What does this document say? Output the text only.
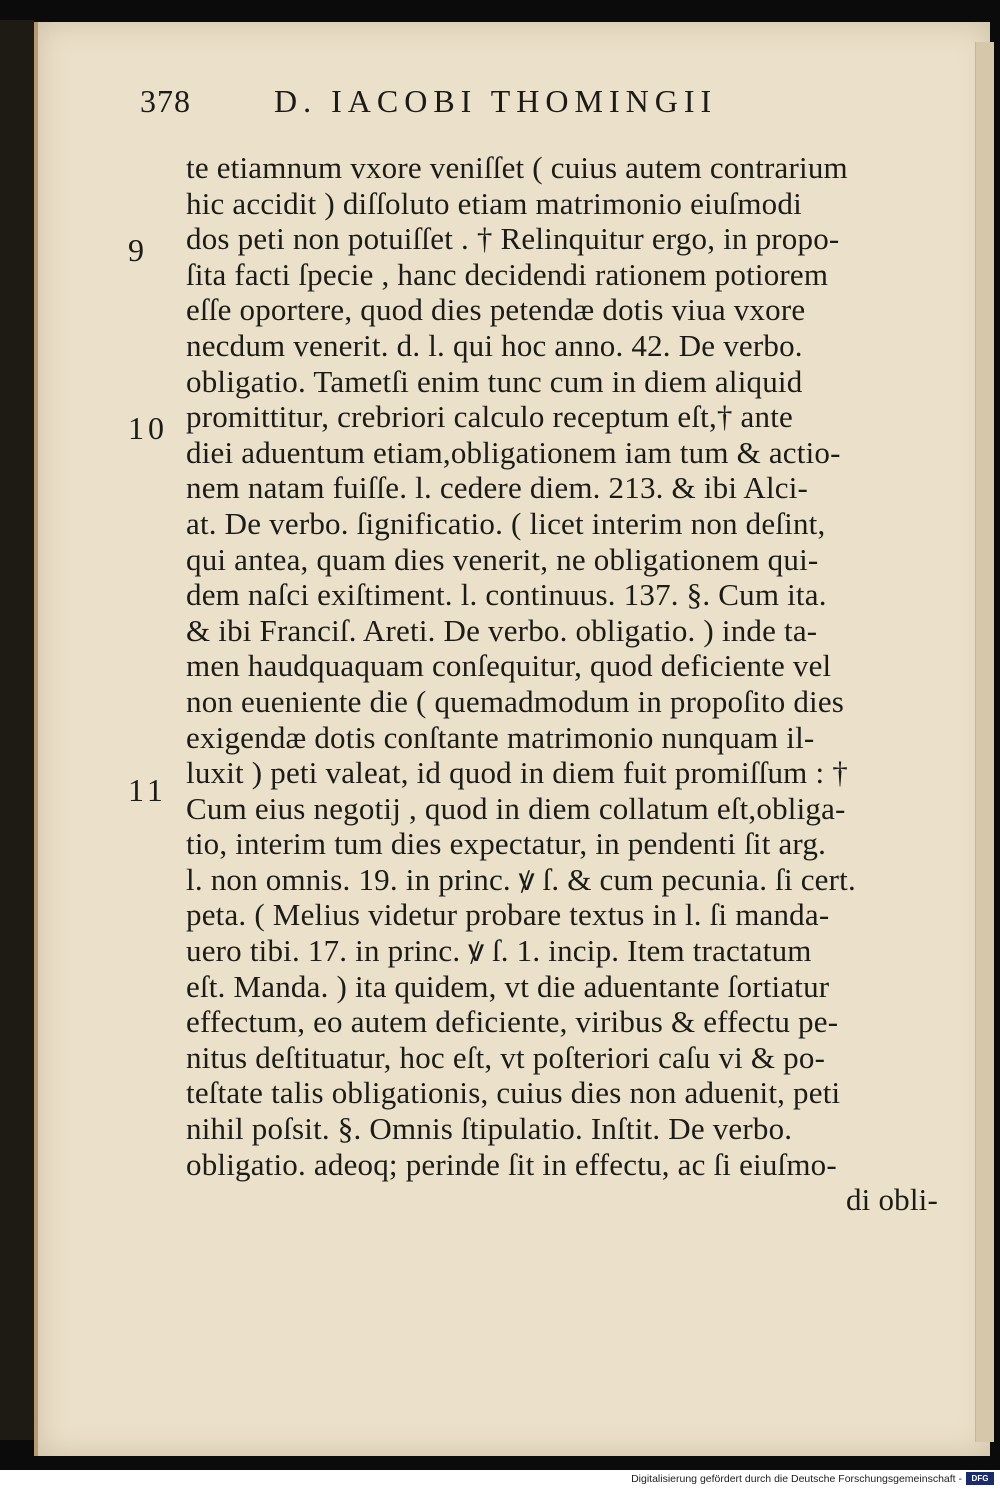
378	D. IACOBI THOMINGII
9
10
11
te etiamnum vxore veniſſet ( cuius autem contrarium
hic accidit ) diſſoluto etiam matrimonio eiuſmodi
dos peti non potuiſſet . † Relinquitur ergo, in propo-
ſita facti ſpecie , hanc decidendi rationem potiorem
eſſe oportere, quod dies petendæ dotis viua vxore
necdum venerit. d. l. qui hoc anno. 42. De verbo.
obligatio. Tametſi enim tunc cum in diem aliquid
promittitur, crebriori calculo receptum eſt,† ante
diei aduentum etiam,obligationem iam tum & actio-
nem natam fuiſſe. l. cedere diem. 213. & ibi Alci-
at. De verbo. ſignificatio. ( licet interim non deſint,
qui antea, quam dies venerit, ne obligationem qui-
dem naſci exiſtiment. l. continuus. 137. §. Cum ita.
& ibi Franciſ. Areti. De verbo. obligatio. ) inde ta-
men haudquaquam conſequitur, quod deficiente vel
non eueniente die ( quemadmodum in propoſito dies
exigendæ dotis conſtante matrimonio nunquam il-
luxit ) peti valeat, id quod in diem fuit promiſſum : †
Cum eius negotij , quod in diem collatum eſt,obliga-
tio, interim tum dies expectatur, in pendenti ſit arg.
l. non omnis. 19. in princ. ꝟ ſ. & cum pecunia. ſi cert.
peta. ( Melius videtur probare textus in l. ſi manda-
uero tibi. 17. in princ. ꝟ ſ. 1. incip. Item tractatum
eſt. Manda. ) ita quidem, vt die aduentante ſortiatur
effectum, eo autem deficiente, viribus & effectu pe-
nitus deſtituatur, hoc eſt, vt poſteriori caſu vi & po-
teſtate talis obligationis, cuius dies non aduenit, peti
nihil poſsit. §. Omnis ſtipulatio. Inſtit. De verbo.
obligatio. adeoq; perinde ſit in effectu, ac ſi eiuſmo-
di obli-
Digitalisierung gefördert durch die Deutsche Forschungsgemeinschaft -	DFG
